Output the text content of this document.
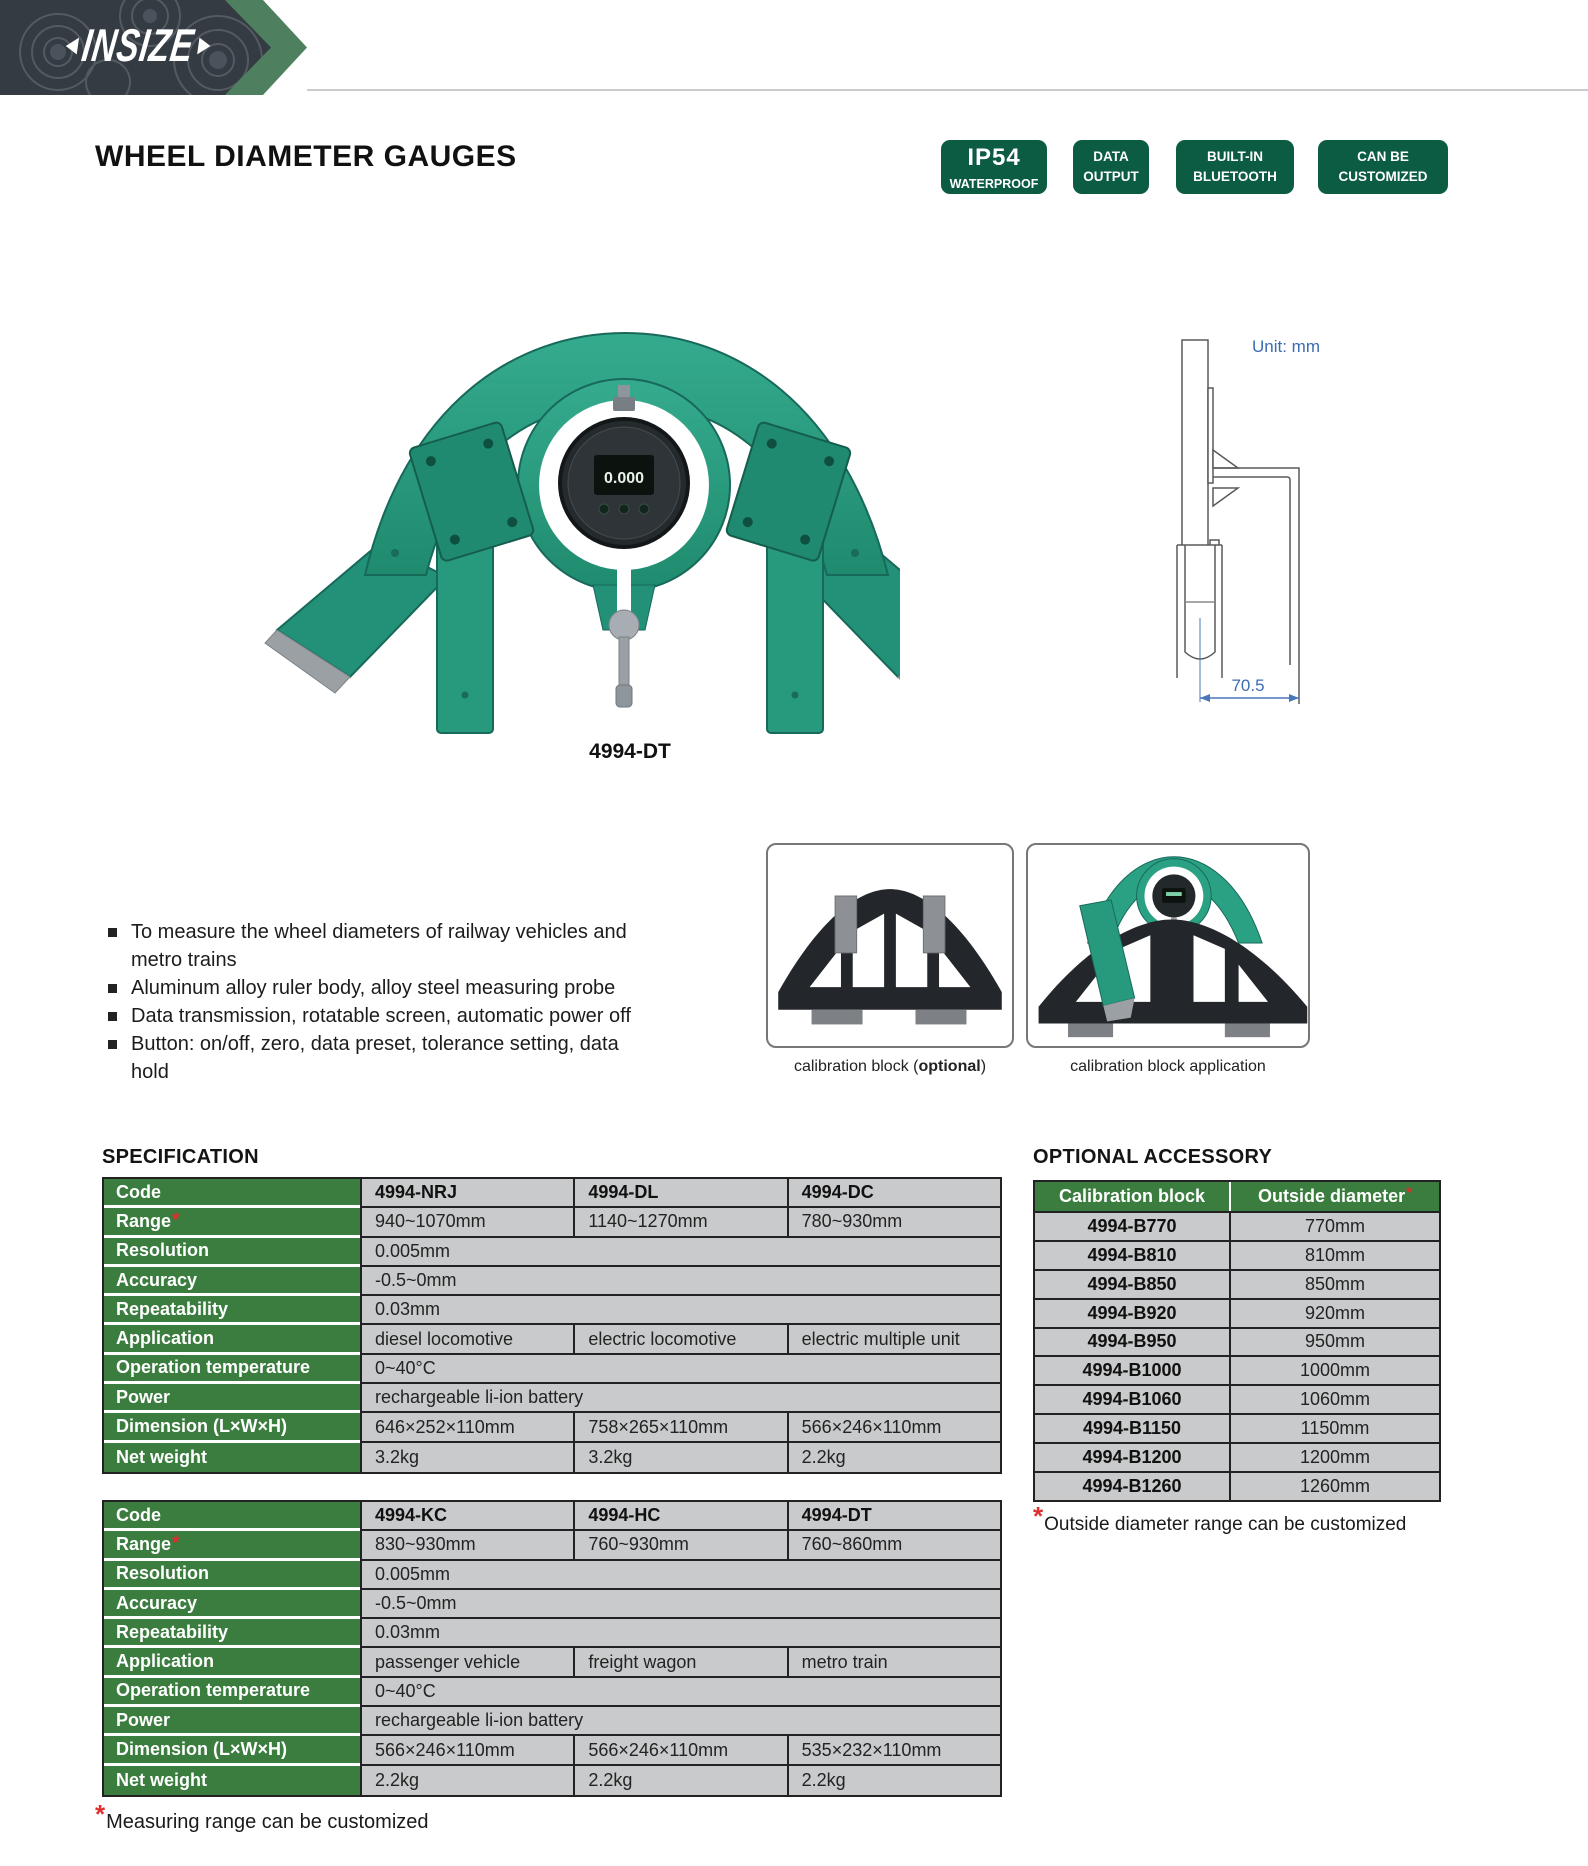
◄
INSIZE
►
WHEEL DIAMETER GAUGES	IP54
WATERPROOF
DATA
OUTPUT
BUILT-IN
BLUETOOTH
CAN BE
CUSTOMIZED
0.000
4994-DT
Unit: mm
70.5
To measure the wheel diameters of railway vehicles and metro trains
Aluminum alloy ruler body, alloy steel measuring probe
Data transmission, rotatable screen, automatic power off
Button: on/off, zero, data preset, tolerance setting, data hold	calibration block (optional)	calibration block application
SPECIFICATION
Code	4994-NRJ	4994-DL	4994-DC
Range *	940~1070mm	1140~1270mm	780~930mm
Resolution	0.005mm
Accuracy	-0.5~0mm
Repeatability	0.03mm
Application	diesel locomotive	electric locomotive	electric multiple unit
Operation temperature	0~40°C
Power	rechargeable li-ion battery
Dimension (L×W×H)	646×252×110mm	758×265×110mm	566×246×110mm
Net weight	3.2kg	3.2kg	2.2kg
Code	4994-KC	4994-HC	4994-DT
Range *	830~930mm	760~930mm	760~860mm
Resolution	0.005mm
Accuracy	-0.5~0mm
Repeatability	0.03mm
Application	passenger vehicle	freight wagon	metro train
Operation temperature	0~40°C
Power	rechargeable li-ion battery
Dimension (L×W×H)	566×246×110mm	566×246×110mm	535×232×110mm
Net weight	2.2kg	2.2kg	2.2kg
*Measuring range can be customized
OPTIONAL ACCESSORY
Calibration block	Outside diameter *
4994-B770	770mm
4994-B810	810mm
4994-B850	850mm
4994-B920	920mm
4994-B950	950mm
4994-B1000	1000mm
4994-B1060	1060mm
4994-B1150	1150mm
4994-B1200	1200mm
4994-B1260	1260mm
*Outside diameter range can be customized
